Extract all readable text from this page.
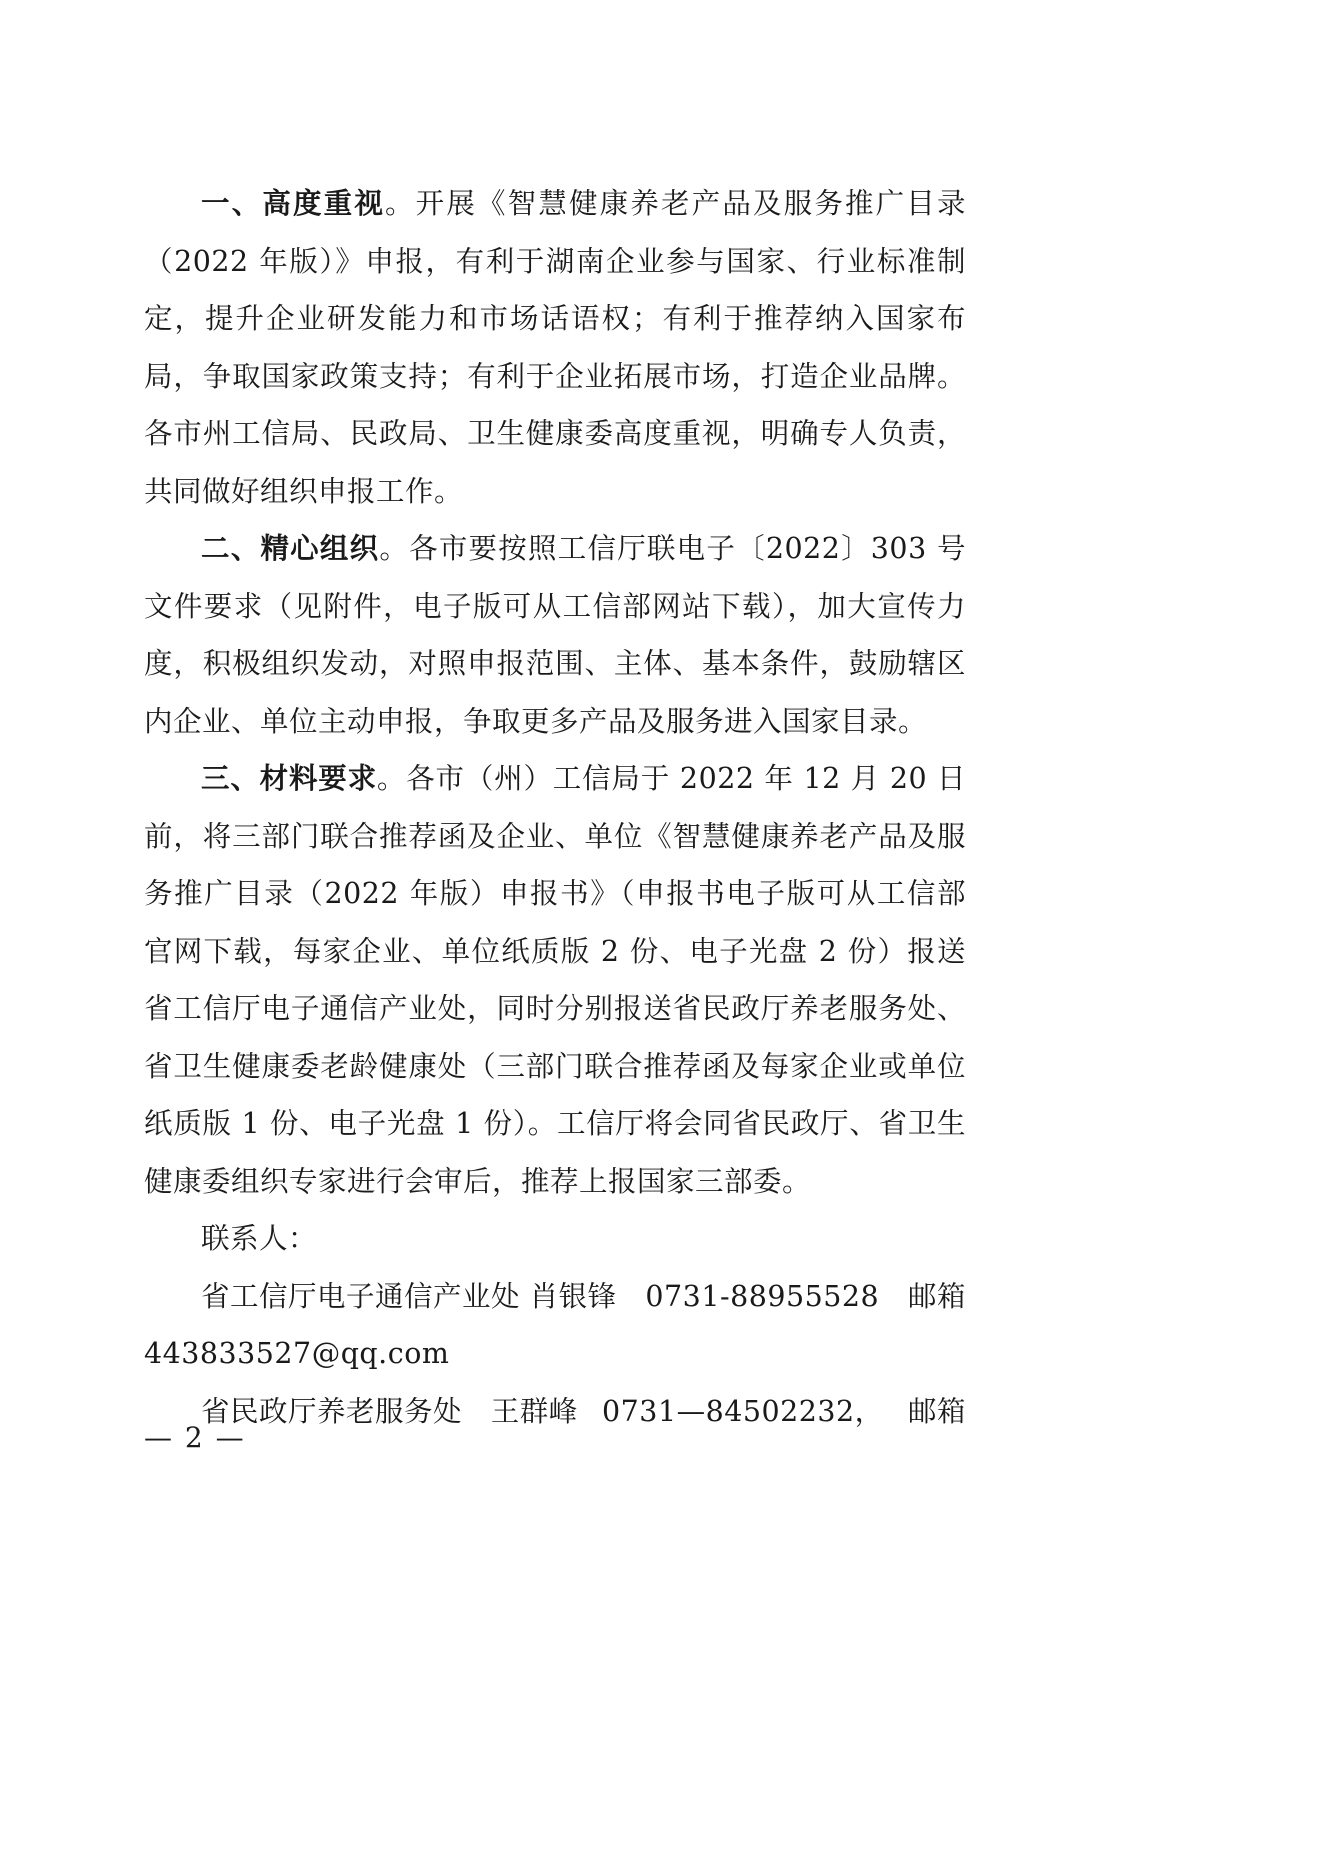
一、高度重视。开展《智慧健康养老产品及服务推广目录（2022 年版）》申报，有利于湖南企业参与国家、行业标准制定，提升企业研发能力和市场话语权；有利于推荐纳入国家布局，争取国家政策支持；有利于企业拓展市场，打造企业品牌。各市州工信局、民政局、卫生健康委高度重视，明确专人负责，共同做好组织申报工作。

二、精心组织。各市要按照工信厅联电子〔2022〕303 号文件要求（见附件，电子版可从工信部网站下载），加大宣传力度，积极组织发动，对照申报范围、主体、基本条件，鼓励辖区内企业、单位主动申报，争取更多产品及服务进入国家目录。

三、材料要求。各市（州）工信局于 2022 年 12 月 20 日前，将三部门联合推荐函及企业、单位《智慧健康养老产品及服务推广目录（2022 年版）申报书》（申报书电子版可从工信部官网下载，每家企业、单位纸质版 2 份、电子光盘 2 份）报送省工信厅电子通信产业处，同时分别报送省民政厅养老服务处、省卫生健康委老龄健康处（三部门联合推荐函及每家企业或单位纸质版 1 份、电子光盘 1 份）。工信厅将会同省民政厅、省卫生健康委组织专家进行会审后，推荐上报国家三部委。

联系人：

省工信厅电子通信产业处 肖银锋 0731-88955528 邮箱

443833527@qq.com

省民政厅养老服务处 王群峰 0731—84502232， 邮箱
— 2 —
